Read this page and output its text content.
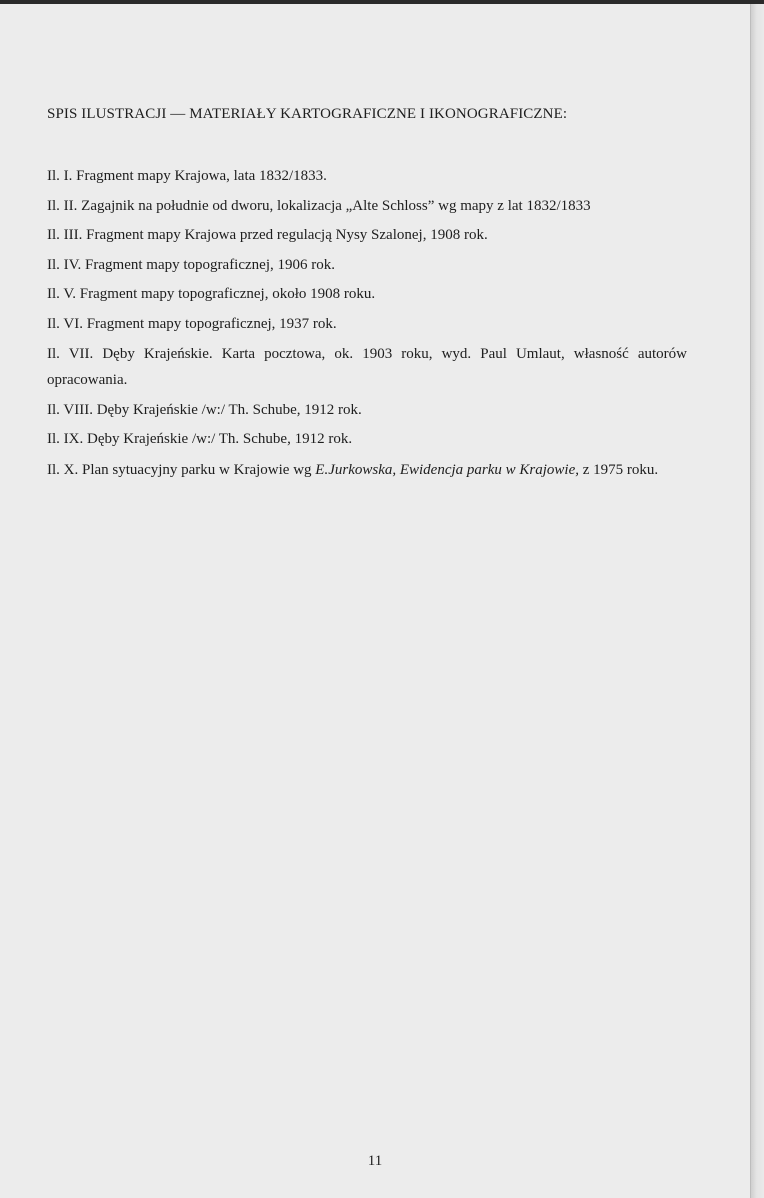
SPIS ILUSTRACJI — MATERIAŁY KARTOGRAFICZNE I IKONOGRAFICZNE:
Il. I. Fragment mapy Krajowa, lata 1832/1833.
Il. II. Zagajnik na południe od dworu, lokalizacja „Alte Schloss” wg mapy z lat 1832/1833
Il. III. Fragment mapy Krajowa przed regulacją Nysy Szalonej, 1908 rok.
Il. IV. Fragment mapy topograficznej, 1906 rok.
Il. V. Fragment mapy topograficznej, około 1908 roku.
Il. VI. Fragment mapy topograficznej, 1937 rok.
Il. VII. Dęby Krajeńskie. Karta pocztowa, ok. 1903 roku, wyd. Paul Umlaut, własność autorów opracowania.
Il. VIII. Dęby Krajeńskie /w:/ Th. Schube, 1912 rok.
Il. IX. Dęby Krajeńskie /w:/ Th. Schube, 1912 rok.
Il. X. Plan sytuacyjny parku w Krajowie wg E.Jurkowska, Ewidencja parku w Krajowie, z 1975 roku.
11
